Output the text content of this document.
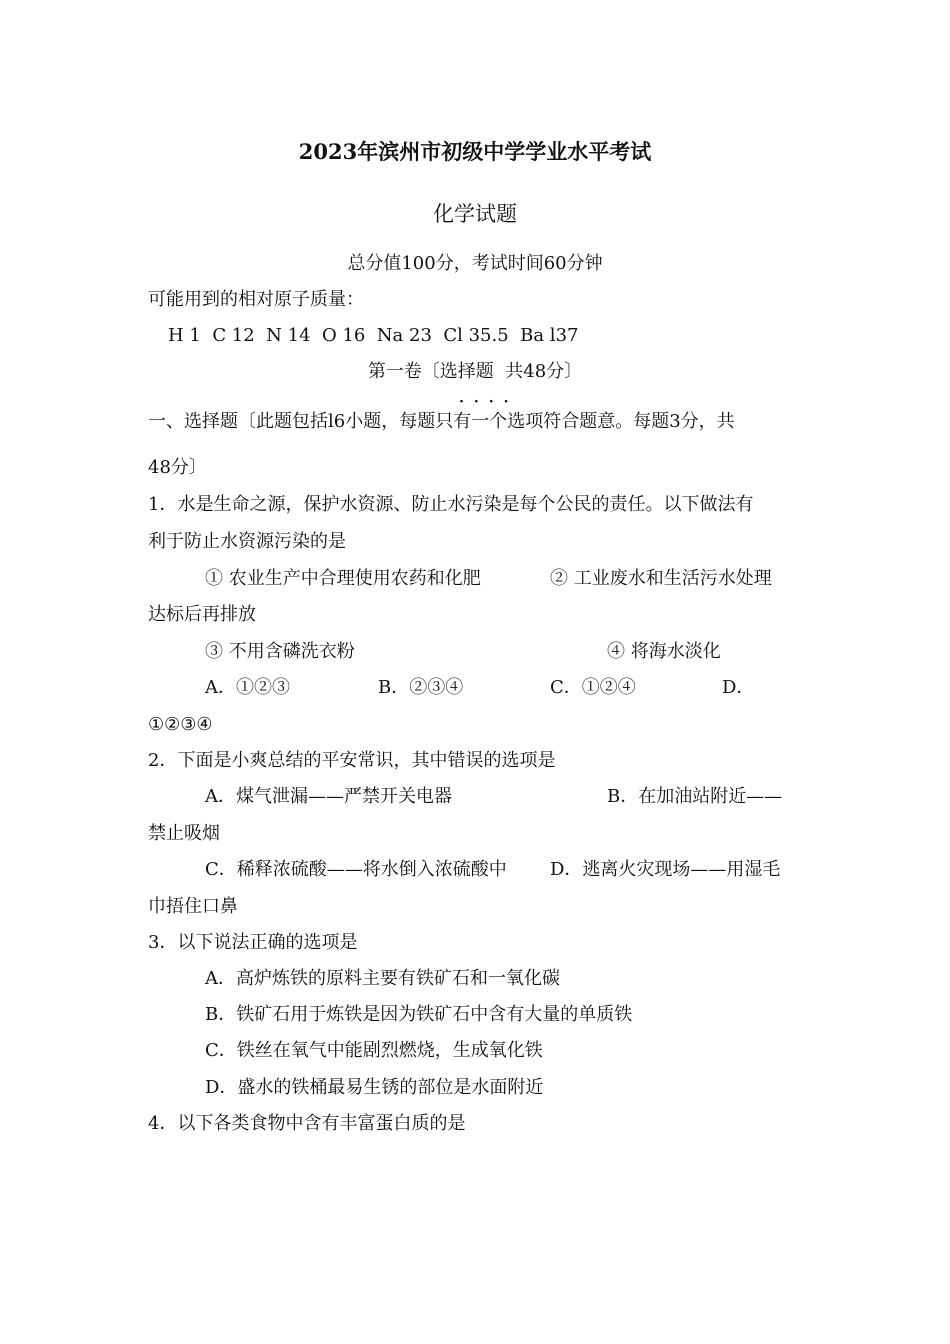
2023年滨州市初级中学学业水平考试
化学试题
总分值100分，考试时间60分钟
可能用到的相对原子质量：
H 1  C 12  N 14  O 16  Na 23  Cl 35.5  Ba l37
第一卷〔选择题  共48分〕
····
一、选择题〔此题包括l6小题，每题只有一个选项符合题意。每题3分，共
48分〕
1．水是生命之源，保护水资源、防止水污染是每个公民的责任。以下做法有
利于防止水资源污染的是
① 农业生产中合理使用农药和化肥	② 工业废水和生活污水处理
达标后再排放
③ 不用含磷洗衣粉	④ 将海水淡化
A．①②③	B．②③④	C．①②④	D．
①②③④
2．下面是小爽总结的平安常识，其中错误的选项是
A．煤气泄漏——严禁开关电器	B．在加油站附近——
禁止吸烟
C．稀释浓硫酸——将水倒入浓硫酸中 D．逃离火灾现场——用湿毛
巾捂住口鼻
3．以下说法正确的选项是
A．高炉炼铁的原料主要有铁矿石和一氧化碳
B．铁矿石用于炼铁是因为铁矿石中含有大量的单质铁
C．铁丝在氧气中能剧烈燃烧，生成氧化铁
D．盛水的铁桶最易生锈的部位是水面附近
4．以下各类食物中含有丰富蛋白质的是
